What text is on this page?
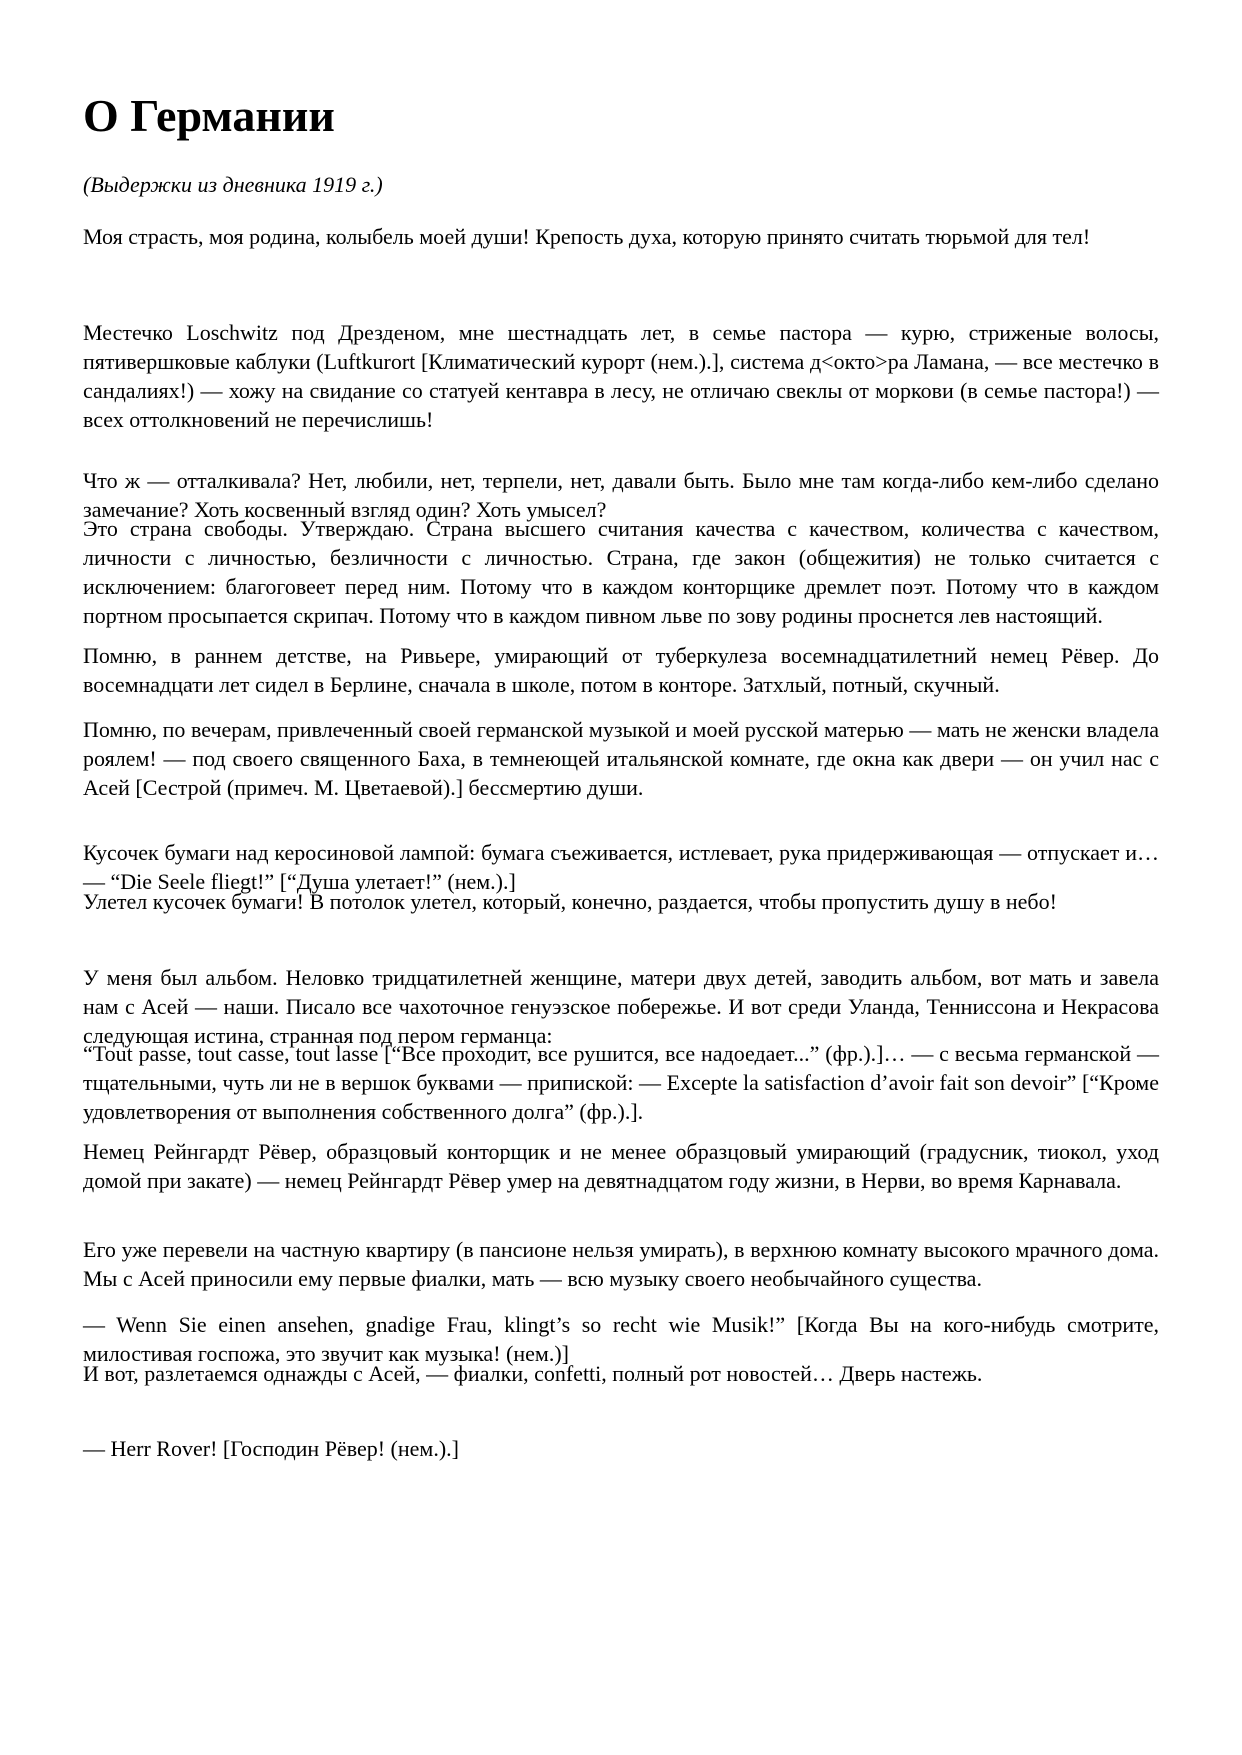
О Германии

(Выдержки из дневника 1919 г.)

Моя страсть, моя родина, колыбель моей души! Крепость духа, которую принято считать тюрьмой для тел!

Местечко Loschwitz под Дрезденом, мне шестнадцать лет, в семье пастора — курю, стриженые волосы, пятивершковые каблуки (Luftkurort [Климатический курорт (нем.).], система д<окто>ра Ламана, — все местечко в сандалиях!) — хожу на свидание со статуей кентавра в лесу, не отличаю свеклы от моркови (в семье пастора!) — всех оттолкновений не перечислишь!

Что ж — отталкивала? Нет, любили, нет, терпели, нет, давали быть. Было мне там когда-либо кем-либо сделано замечание? Хоть косвенный взгляд один? Хоть умысел?

Это страна свободы. Утверждаю. Страна высшего считания качества с качеством, количества с качеством, личности с личностью, безличности с личностью. Страна, где закон (общежития) не только считается с исключением: благоговеет перед ним. Потому что в каждом конторщике дремлет поэт. Потому что в каждом портном просыпается скрипач. Потому что в каждом пивном льве по зову родины проснется лев настоящий.

Помню, в раннем детстве, на Ривьере, умирающий от туберкулеза восемнадцатилетний немец Рёвер. До восемнадцати лет сидел в Берлине, сначала в школе, потом в конторе. Затхлый, потный, скучный.

Помню, по вечерам, привлеченный своей германской музыкой и моей русской матерью — мать не женски владела роялем! — под своего священного Баха, в темнеющей итальянской комнате, где окна как двери — он учил нас с Асей [Сестрой (примеч. М. Цветаевой).] бессмертию души.

Кусочек бумаги над керосиновой лампой: бумага съеживается, истлевает, рука придерживающая — отпускает и… — “Die Seele fliegt!” [“Душа улетает!” (нем.).]

Улетел кусочек бумаги! В потолок улетел, который, конечно, раздается, чтобы пропустить душу в небо!

У меня был альбом. Неловко тридцатилетней женщине, матери двух детей, заводить альбом, вот мать и завела нам с Асей — наши. Писало все чахоточное генуэзское побережье. И вот среди Уланда, Теннисcона и Некрасова следующая истина, странная под пером германца:

“Tout passe, tout casse, tout lasse [“Все проходит, все рушится, все надоедает...” (фр.).]… — с весьма германской — тщательными, чуть ли не в вершок буквами — припиской: — Excepte la satisfaction d’avoir fait son devoir” [“Кроме удовлетворения от выполнения собственного долга” (фр.).].

Немец Рейнгардт Рёвер, образцовый конторщик и не менее образцовый умирающий (градусник, тиокол, уход домой при закате) — немец Рейнгардт Рёвер умер на девятнадцатом году жизни, в Нерви, во время Карнавала.

Его уже перевели на частную квартиру (в пансионе нельзя умирать), в верхнюю комнату высокого мрачного дома. Мы с Асей приносили ему первые фиалки, мать — всю музыку своего необычайного существа.

— Wenn Sie einen ansehen, gnadige Frau, klingt’s so recht wie Musik!” [Когда Вы на кого-нибудь смотрите, милостивая госпожа, это звучит как музыка! (нем.)]

И вот, разлетаемся однажды с Асей, — фиалки, confetti, полный рот новостей… Дверь настежь.

— Herr Rover! [Господин Рёвер! (нем.).]
